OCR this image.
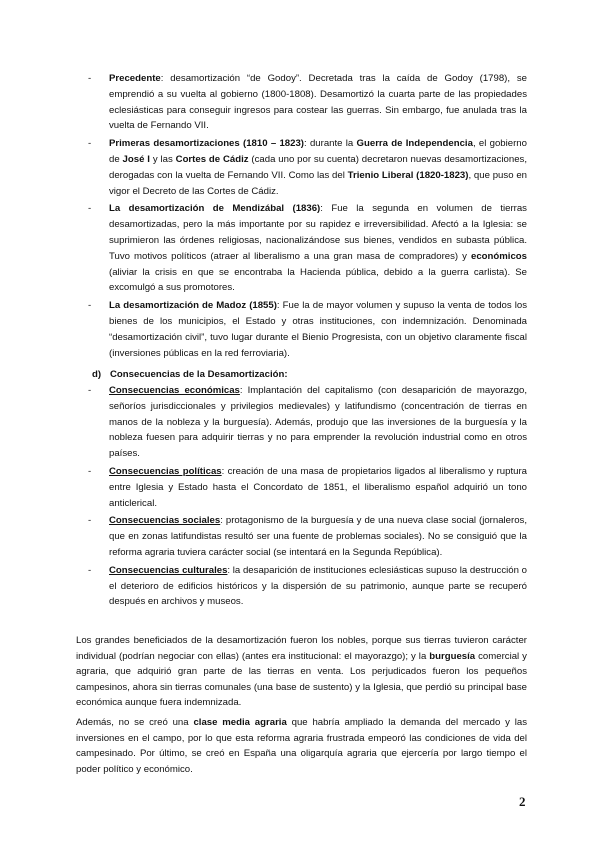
- Precedente: desamortización “de Godoy”. Decretada tras la caída de Godoy (1798), se emprendió a su vuelta al gobierno (1800-1808). Desamortizó la cuarta parte de las propiedades eclesiásticas para conseguir ingresos para costear las guerras. Sin embargo, fue anulada tras la vuelta de Fernando VII.
- Primeras desamortizaciones (1810 – 1823): durante la Guerra de Independencia, el gobierno de José I y las Cortes de Cádiz (cada uno por su cuenta) decretaron nuevas desamortizaciones, derogadas con la vuelta de Fernando VII. Como las del Trienio Liberal (1820-1823), que puso en vigor el Decreto de las Cortes de Cádiz.
- La desamortización de Mendizábal (1836): Fue la segunda en volumen de tierras desamortizadas, pero la más importante por su rapidez e irreversibilidad. Afectó a la Iglesia: se suprimieron las órdenes religiosas, nacionalizándose sus bienes, vendidos en subasta pública. Tuvo motivos políticos (atraer al liberalismo a una gran masa de compradores) y económicos (aliviar la crisis en que se encontraba la Hacienda pública, debido a la guerra carlista). Se excomulgó a sus promotores.
- La desamortización de Madoz (1855): Fue la de mayor volumen y supuso la venta de todos los bienes de los municipios, el Estado y otras instituciones, con indemnización. Denominada “desamortización civil”, tuvo lugar durante el Bienio Progresista, con un objetivo claramente fiscal (inversiones públicas en la red ferroviaria).
d) Consecuencias de la Desamortización:
- Consecuencias económicas: Implantación del capitalismo (con desaparición de mayorazgo, señoríos jurisdiccionales y privilegios medievales) y latifundismo (concentración de tierras en manos de la nobleza y la burguesía). Además, produjo que las inversiones de la burguesía y la nobleza fuesen para adquirir tierras y no para emprender la revolución industrial como en otros países.
- Consecuencias políticas: creación de una masa de propietarios ligados al liberalismo y ruptura entre Iglesia y Estado hasta el Concordato de 1851, el liberalismo español adquirió un tono anticlerical.
- Consecuencias sociales: protagonismo de la burguesía y de una nueva clase social (jornaleros, que en zonas latifundistas resultó ser una fuente de problemas sociales). No se consiguió que la reforma agraria tuviera carácter social (se intentará en la Segunda República).
- Consecuencias culturales: la desaparición de instituciones eclesiásticas supuso la destrucción o el deterioro de edificios históricos y la dispersión de su patrimonio, aunque parte se recuperó después en archivos y museos.
Los grandes beneficiados de la desamortización fueron los nobles, porque sus tierras tuvieron carácter individual (podrían negociar con ellas) (antes era institucional: el mayorazgo); y la burguesía comercial y agraria, que adquirió gran parte de las tierras en venta. Los perjudicados fueron los pequeños campesinos, ahora sin tierras comunales (una base de sustento) y la Iglesia, que perdió su principal base económica aunque fuera indemnizada.
Además, no se creó una clase media agraria que habría ampliado la demanda del mercado y las inversiones en el campo, por lo que esta reforma agraria frustrada empeoró las condiciones de vida del campesinado. Por último, se creó en España una oligarquía agraria que ejercería por largo tiempo el poder político y económico.
2
